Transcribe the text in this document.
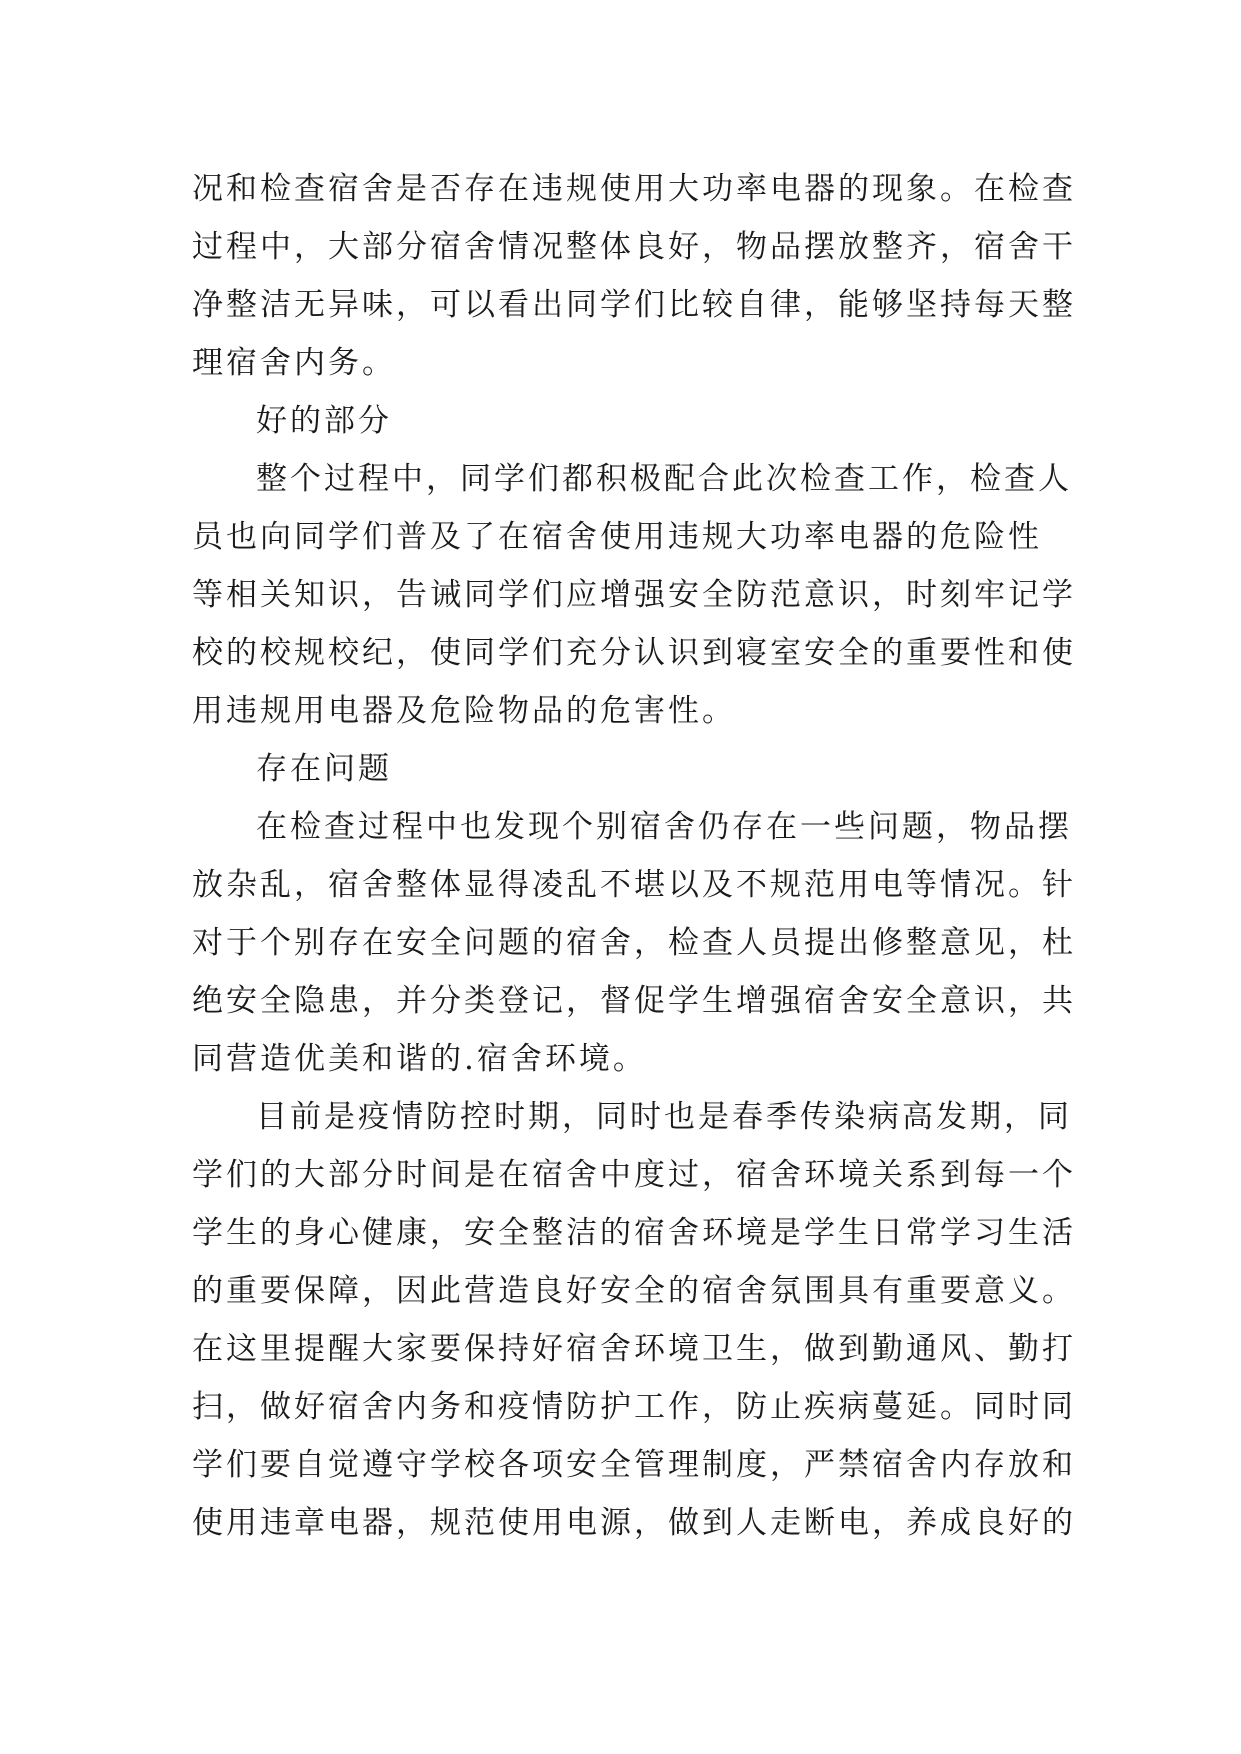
况和检查宿舍是否存在违规使用大功率电器的现象。在检查
过程中，大部分宿舍情况整体良好，物品摆放整齐，宿舍干
净整洁无异味，可以看出同学们比较自律，能够坚持每天整
理宿舍内务。
好的部分
整个过程中，同学们都积极配合此次检查工作，检查人
员也向同学们普及了在宿舍使用违规大功率电器的危险性
等相关知识，告诫同学们应增强安全防范意识，时刻牢记学
校的校规校纪，使同学们充分认识到寝室安全的重要性和使
用违规用电器及危险物品的危害性。
存在问题
在检查过程中也发现个别宿舍仍存在一些问题，物品摆
放杂乱，宿舍整体显得凌乱不堪以及不规范用电等情况。针
对于个别存在安全问题的宿舍，检查人员提出修整意见，杜
绝安全隐患，并分类登记，督促学生增强宿舍安全意识，共
同营造优美和谐的.宿舍环境。
目前是疫情防控时期，同时也是春季传染病高发期，同
学们的大部分时间是在宿舍中度过，宿舍环境关系到每一个
学生的身心健康，安全整洁的宿舍环境是学生日常学习生活
的重要保障，因此营造良好安全的宿舍氛围具有重要意义。
在这里提醒大家要保持好宿舍环境卫生，做到勤通风、勤打
扫，做好宿舍内务和疫情防护工作，防止疾病蔓延。同时同
学们要自觉遵守学校各项安全管理制度，严禁宿舍内存放和
使用违章电器，规范使用电源，做到人走断电，养成良好的
